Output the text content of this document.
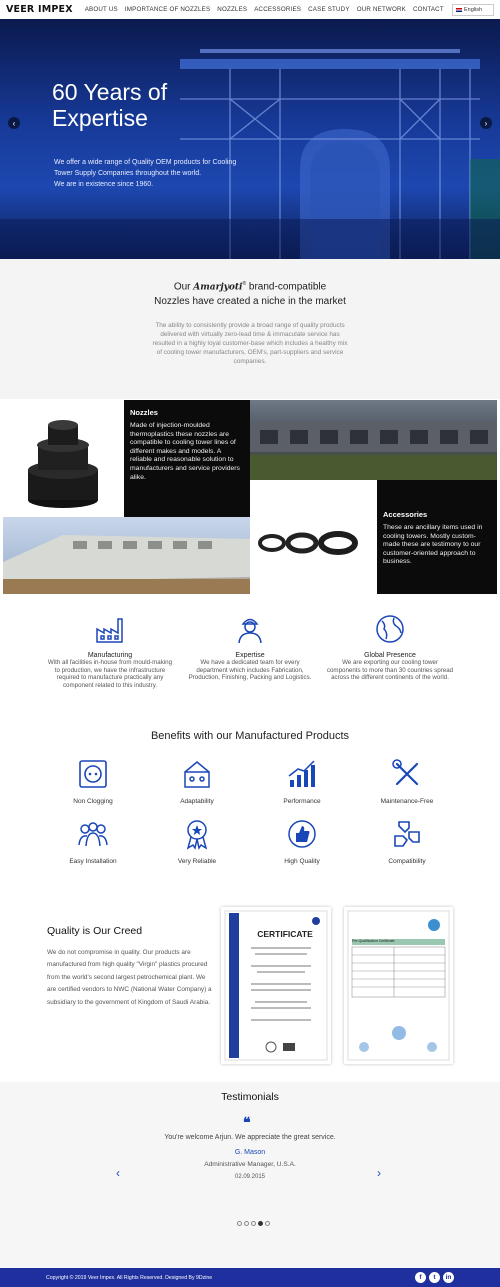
VEER IMPEX ABOUT US IMPORTANCE OF NOZZLES NOZZLES ACCESSORIES CASE STUDY OUR NETWORK CONTACT	English
‹	›
60 Years of
Expertise

We offer a wide range of Quality OEM products for Cooling
Tower Supply Companies throughout the world.
We are in existence since 1960.

Our Amarjyoti® brand-compatible
Nozzles have created a niche in the market
The ability to consistently provide a broad range of quality products delivered with virtually zero-lead time & immaculate service has resulted in a highly loyal customer-base which includes a healthy mix of cooling tower manufacturers, OEM's, part-suppliers and service companies.
Nozzles

Made of injection-moulded thermoplastics these nozzles are compatible to cooling tower lines of different makes and models. A reliable and reasonable solution to manufacturers and service providers alike.

Accessories

These are ancillary items used in cooling towers. Mostly custom-made these are testimony to our customer-oriented approach to business.

Manufacturing
With all facilities in-house from mould-making to production, we have the infrastructure required to manufacture practically any component related to this industry.
Expertise
We have a dedicated team for every department which includes Fabrication, Production, Finishing, Packing and Logistics.
Global Presence
We are exporting our cooling tower components to more than 30 countries spread across the different continents of the world.
Benefits with our Manufactured Products
Non Clogging	Adaptability	Performance	Maintenance-Free
Easy Installation	Very Reliable	High Quality	Compatibility
Quality is Our Creed
We do not compromise in quality. Our products are manufactured from high quality "Virgin" plastics procured from the world's second largest petrochemical plant. We are certified vendors to NWC (National Water Company) a subsidiary to the government of Kingdom of Saudi Arabia.
CERTIFICATE
Pre-Qualification Certificate
Testimonials
❝
You're welcome Arjun. We appreciate the great service.
G. Mason
Administrative Manager, U.S.A.
02.09.2015
‹	›
Copyright © 2019 Veer Impex. All Rights Reserved. Designed By 9Dzine	f	t	in
